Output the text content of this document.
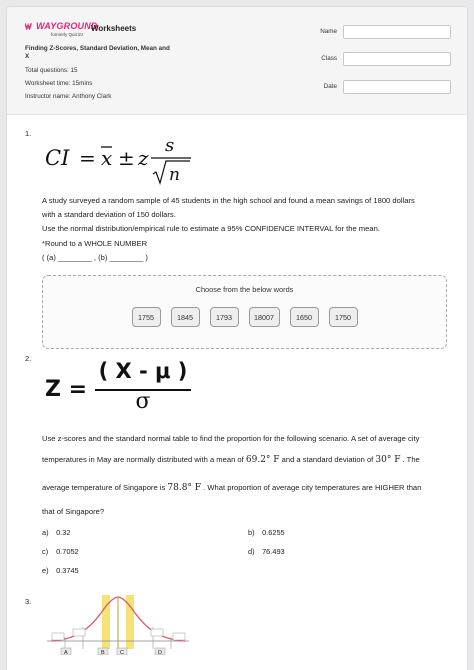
WAYGROUND
formerly Quizizz
Worksheets
Finding Z-Scores, Standard Deviation, Mean and X
Total questions: 15
Worksheet time: 15mins
Instructor name: Anthony Clark
Name
Class
Date
1.
CI = x ± z
s
n
A study surveyed a random sample of 45 students in the high school and found a mean savings of 1800 dollars
with a standard deviation of 150 dollars.
Use the normal distribution/empirical rule to estimate a 95% CONFIDENCE INTERVAL for the mean.
*Round to a WHOLE NUMBER
( (a) ________ , (b) ________ )
Choose from the below words
1755	1845	1793	18007	1650	1750
2.
Z =
( X - μ )
σ
Use z-scores and the standard normal table to find the proportion for the following scenario. A set of average city
temperatures in May are normally distributed with a mean of 69.2° F and a standard deviation of 30° F . The
average temperature of Singapore is 78.8° F . What proportion of average city temperatures are HIGHER than
that of Singapore?
a) 0.32	b) 0.6255
c) 0.7052	d) 76.493
e) 0.3745
3.
A	B	C	D
